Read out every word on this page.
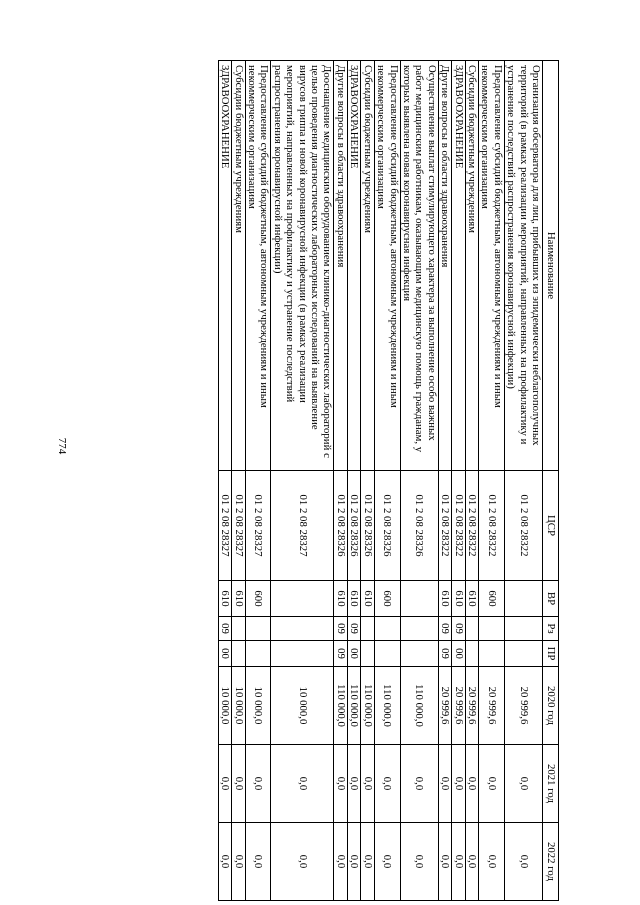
774
Наименование	ЦСР	ВР	Рз	ПР	2020 год	2021 год	2022 год
Организация обсерватора для лиц, прибывших из эпидемически неблагополучных территорий (в рамках реализации мероприятий, направленных на профилактику и устранение последствий распространения коронавирусной инфекции)	01 2 08 28322				20 999,6	0,0	0,0
Предоставление субсидий бюджетным, автономным учреждениям и иным некоммерческим организациям	01 2 08 28322	600			20 999,6	0,0	0,0
Субсидии бюджетным учреждениям	01 2 08 28322	610			20 999,6	0,0	0,0
ЗДРАВООХРАНЕНИЕ	01 2 08 28322	610	09	00	20 999,6	0,0	0,0
Другие вопросы в области здравоохранения	01 2 08 28322	610	09	09	20 999,6	0,0	0,0
Осуществление выплат стимулирующего характера за выполнение особо важных работ медицинским работникам, оказывающим медицинскую помощь гражданам, у которых выявлена новая коронавирусная инфекция	01 2 08 28326				110 000,0	0,0	0,0
Предоставление субсидий бюджетным, автономным учреждениям и иным некоммерческим организациям	01 2 08 28326	600			110 000,0	0,0	0,0
Субсидии бюджетным учреждениям	01 2 08 28326	610			110 000,0	0,0	0,0
ЗДРАВООХРАНЕНИЕ	01 2 08 28326	610	09	00	110 000,0	0,0	0,0
Другие вопросы в области здравоохранения	01 2 08 28326	610	09	09	110 000,0	0,0	0,0
Дооснащение медицинским оборудованием клинико-диагностических лабораторий с целью проведения диагностических лабораторных исследований на выявление вирусов гриппа и новой коронавирусной инфекции (в рамках реализации мероприятий, направленных на профилактику и устранение последствий распространения коронавирусной инфекции)	01 2 08 28327				10 000,0	0,0	0,0
Предоставление субсидий бюджетным, автономным учреждениям и иным некоммерческим организациям	01 2 08 28327	600			10 000,0	0,0	0,0
Субсидии бюджетным учреждениям	01 2 08 28327	610			10 000,0	0,0	0,0
ЗДРАВООХРАНЕНИЕ	01 2 08 28327	610	09	00	10 000,0	0,0	0,0
